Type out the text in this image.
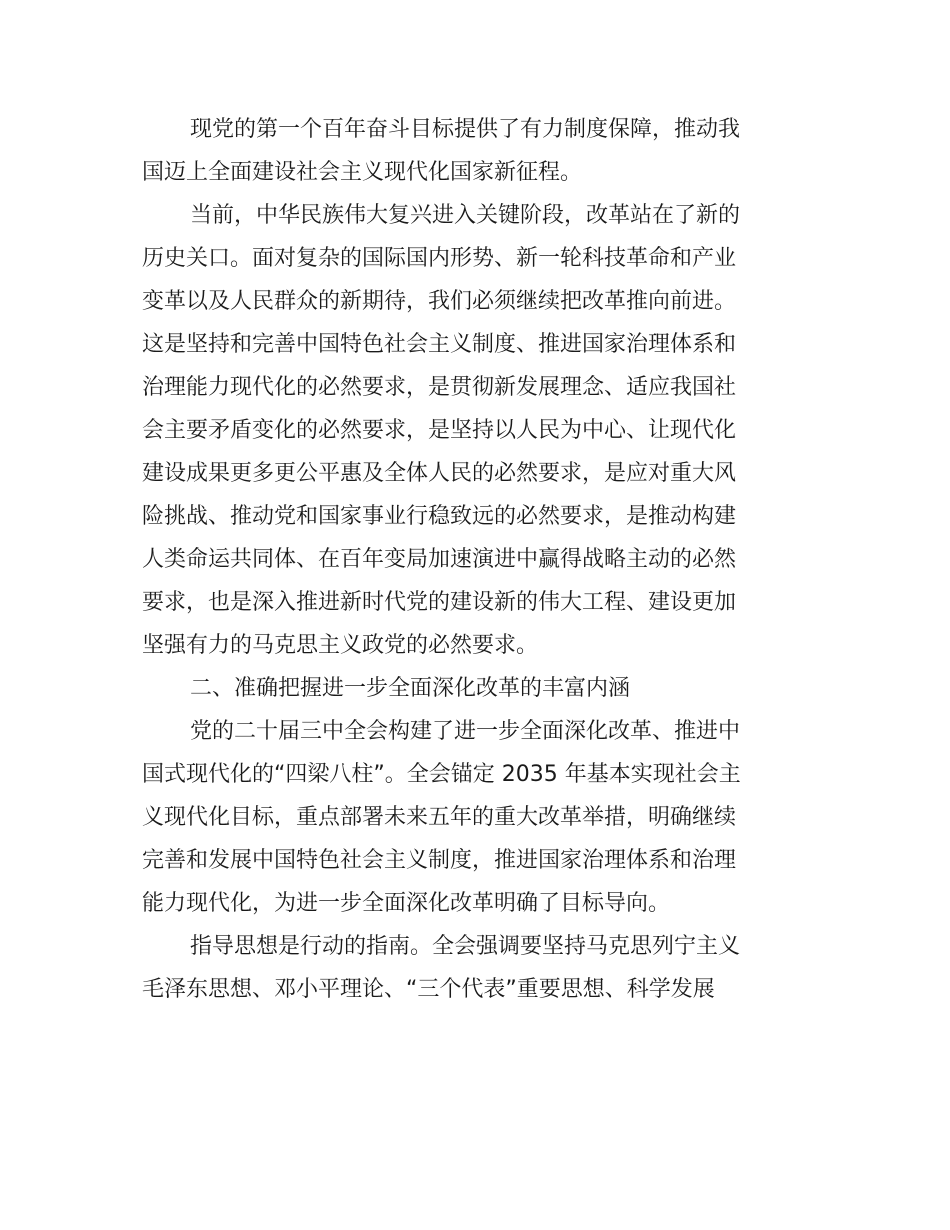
现党的第一个百年奋斗目标提供了有力制度保障，推动我
国迈上全面建设社会主义现代化国家新征程。
当前，中华民族伟大复兴进入关键阶段，改革站在了新的
历史关口。面对复杂的国际国内形势、新一轮科技革命和产业
变革以及人民群众的新期待，我们必须继续把改革推向前进。
这是坚持和完善中国特色社会主义制度、推进国家治理体系和
治理能力现代化的必然要求，是贯彻新发展理念、适应我国社
会主要矛盾变化的必然要求，是坚持以人民为中心、让现代化
建设成果更多更公平惠及全体人民的必然要求，是应对重大风
险挑战、推动党和国家事业行稳致远的必然要求，是推动构建
人类命运共同体、在百年变局加速演进中赢得战略主动的必然
要求，也是深入推进新时代党的建设新的伟大工程、建设更加
坚强有力的马克思主义政党的必然要求。
二、准确把握进一步全面深化改革的丰富内涵
党的二十届三中全会构建了进一步全面深化改革、推进中
国式现代化的“四梁八柱”。全会锚定 2035 年基本实现社会主
义现代化目标，重点部署未来五年的重大改革举措，明确继续
完善和发展中国特色社会主义制度，推进国家治理体系和治理
能力现代化，为进一步全面深化改革明确了目标导向。
指导思想是行动的指南。全会强调要坚持马克思列宁主义
毛泽东思想、邓小平理论、“三个代表”重要思想、科学发展
